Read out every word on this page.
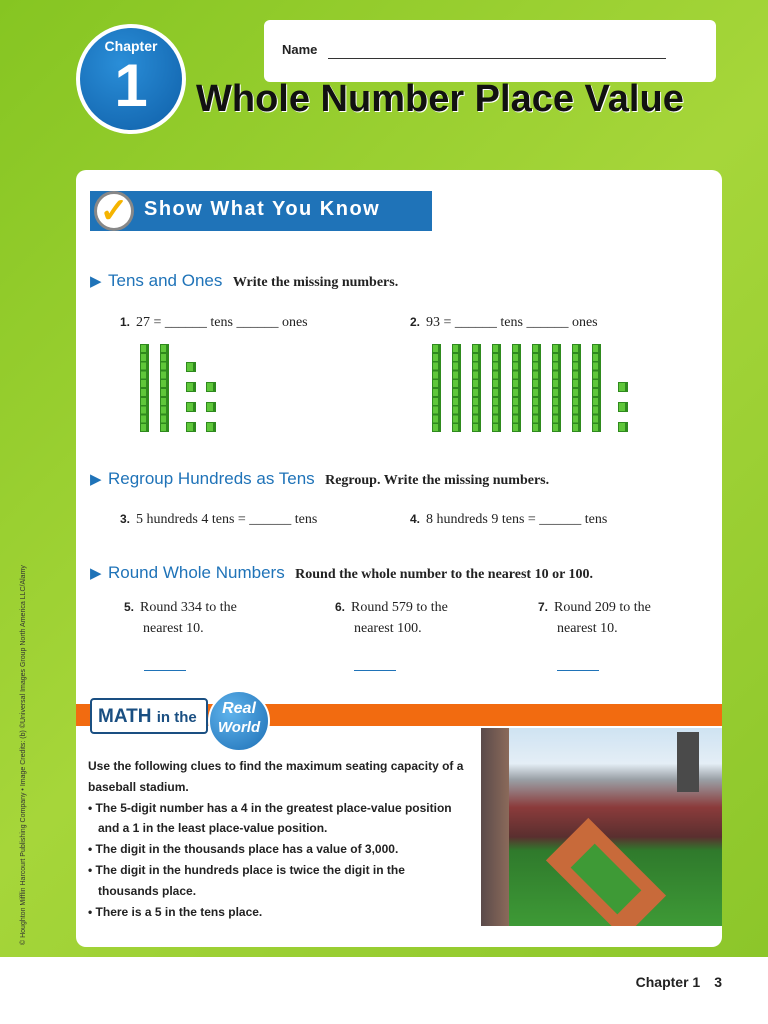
Name
Chapter
1	Whole Number Place Value
✓ Show What You Know
▶ Tens and Ones Write the missing numbers.
1. 27 = ______ tens ______ ones	2. 93 = ______ tens ______ ones
▶ Regroup Hundreds as Tens Regroup. Write the missing numbers.
3. 5 hundreds 4 tens = ______ tens	4. 8 hundreds 9 tens = ______ tens
▶ Round Whole Numbers Round the whole number to the nearest 10 or 100.
5. Round 334 to the
nearest 10.
6. Round 579 to the
nearest 100.
7. Round 209 to the
nearest 10.
MATH in the
Real
World

Use the following clues to find the maximum seating capacity of a baseball stadium.

• The 5-digit number has a 4 in the greatest place-value position and a 1 in the least place-value position.

• The digit in the thousands place has a value of 3,000.

• The digit in the hundreds place is twice the digit in the thousands place.

• There is a 5 in the tens place.

© Houghton Mifflin Harcourt Publishing Company • Image Credits: (b) ©Universal Images Group North America LLC/Alamy
Chapter 1 3
